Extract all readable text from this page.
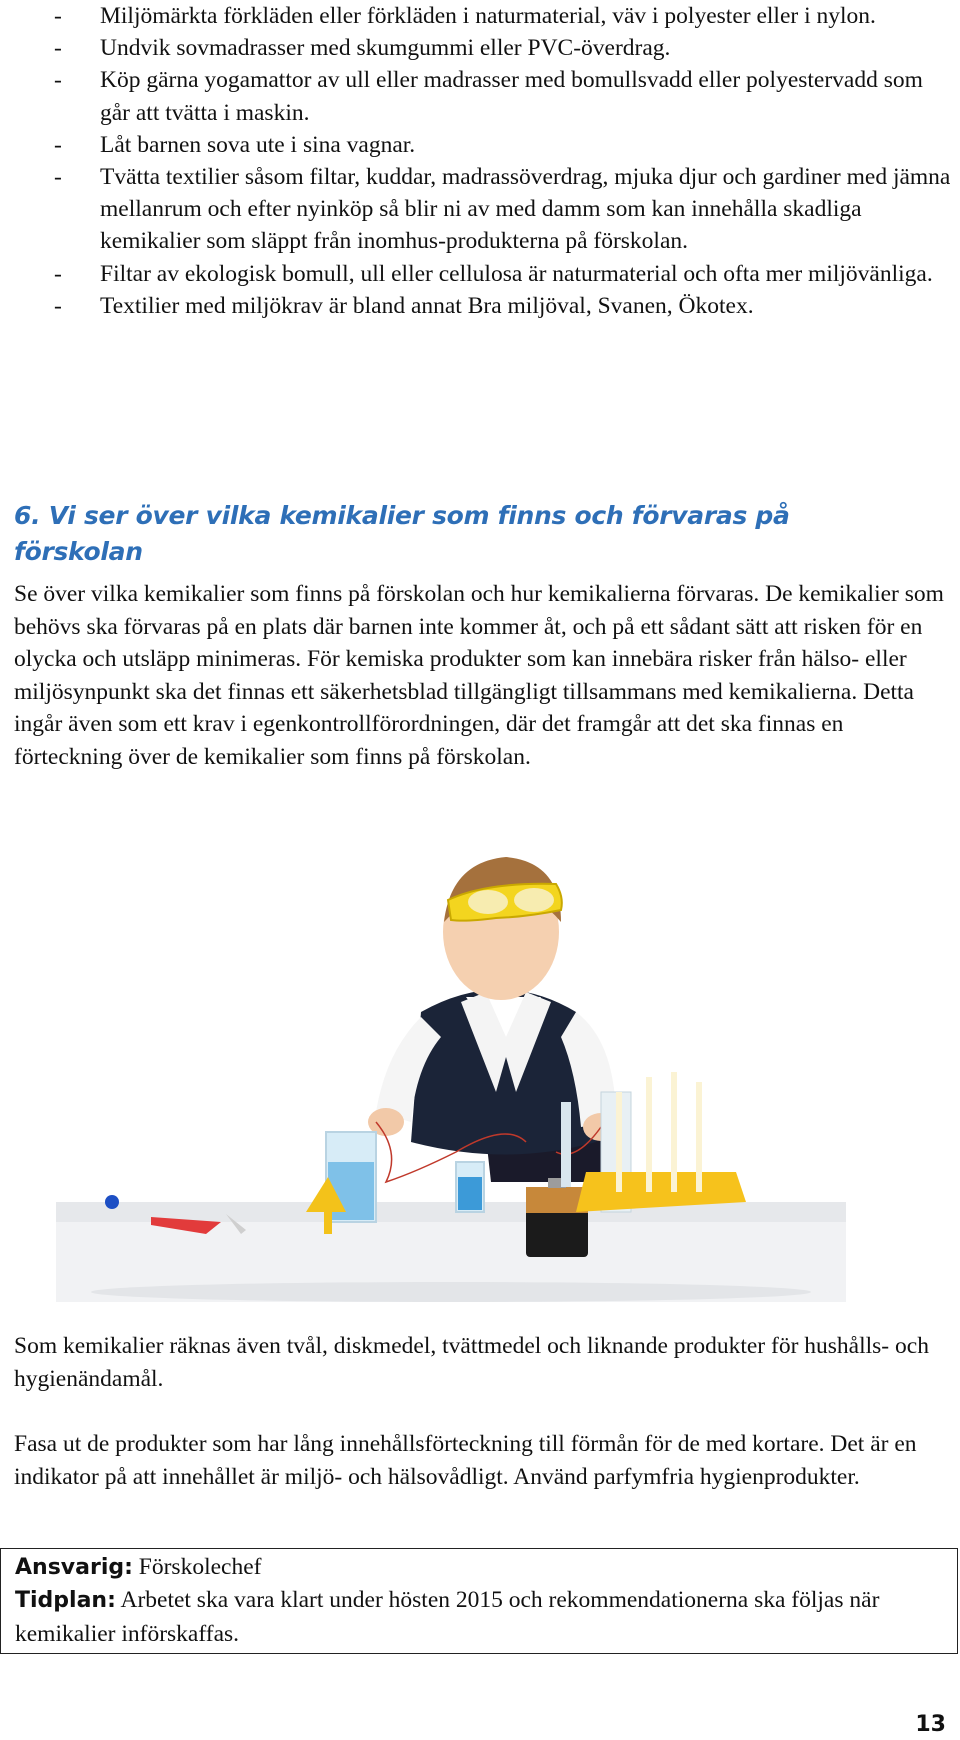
- Miljömärkta förkläden eller förkläden i naturmaterial, väv i polyester eller i nylon.
- Undvik sovmadrasser med skumgummi eller PVC-överdrag.
- Köp gärna yogamattor av ull eller madrasser med bomullsvadd eller polyestervadd som går att tvätta i maskin.
- Låt barnen sova ute i sina vagnar.
- Tvätta textilier såsom filtar, kuddar, madrassöverdrag, mjuka djur och gardiner med jämna mellanrum och efter nyinköp så blir ni av med damm som kan innehålla skadliga kemikalier som släppt från inomhus-produkterna på förskolan.
- Filtar av ekologisk bomull, ull eller cellulosa är naturmaterial och ofta mer miljövänliga.
- Textilier med miljökrav är bland annat Bra miljöval, Svanen, Ökotex.
6. Vi ser över vilka kemikalier som finns och förvaras på förskolan

Se över vilka kemikalier som finns på förskolan och hur kemikalierna förvaras. De kemikalier som behövs ska förvaras på en plats där barnen inte kommer åt, och på ett sådant sätt att risken för en olycka och utsläpp minimeras. För kemiska produkter som kan innebära risker från hälso- eller miljösynpunkt ska det finnas ett säkerhetsblad tillgängligt tillsammans med kemikalierna. Detta ingår även som ett krav i egenkontrollförordningen, där det framgår att det ska finnas en förteckning över de kemikalier som finns på förskolan.

Som kemikalier räknas även tvål, diskmedel, tvättmedel och liknande produkter för hushålls- och hygienändamål.

Fasa ut de produkter som har lång innehållsförteckning till förmån för de med kortare. Det är en indikator på att innehållet är miljö- och hälsovådligt. Använd parfymfria hygienprodukter.

Ansvarig: Förskolechef

Tidplan: Arbetet ska vara klart under hösten 2015 och rekommendationerna ska följas när kemikalier införskaffas.

13
